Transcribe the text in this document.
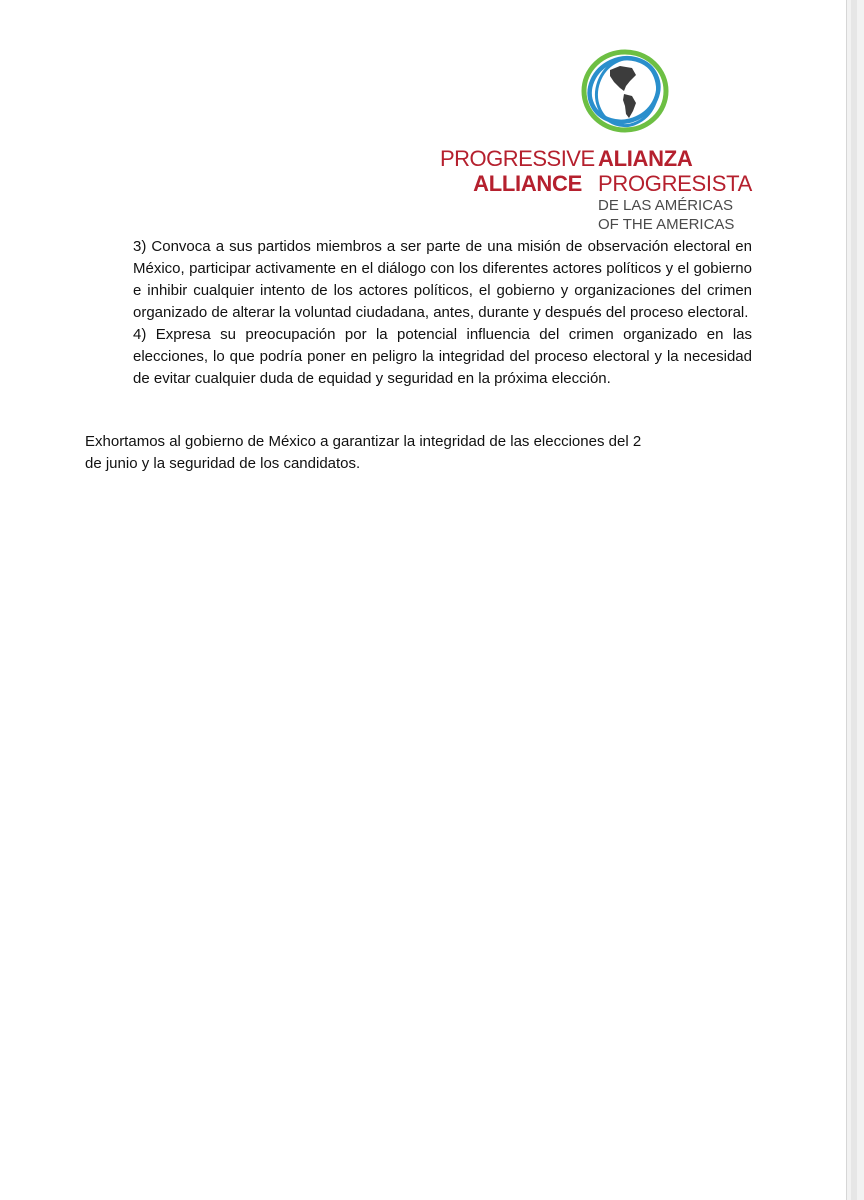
PROGRESSIVE
ALLIANCE
ALIANZA
PROGRESISTA
DE LAS AMÉRICAS
OF THE AMERICAS

3) Convoca a sus partidos miembros a ser parte de una misión de observación electoral en México, participar activamente en el diálogo con los diferentes actores políticos y el gobierno e inhibir cualquier intento de los actores políticos, el gobierno y organizaciones del crimen organizado de alterar la voluntad ciudadana, antes, durante y después del proceso electoral.

4) Expresa su preocupación por la potencial influencia del crimen organizado en las elecciones, lo que podría poner en peligro la integridad del proceso electoral y la necesidad de evitar cualquier duda de equidad y seguridad en la próxima elección.

Exhortamos al gobierno de México a garantizar la integridad de las elecciones del 2

de junio y la seguridad de los candidatos.
